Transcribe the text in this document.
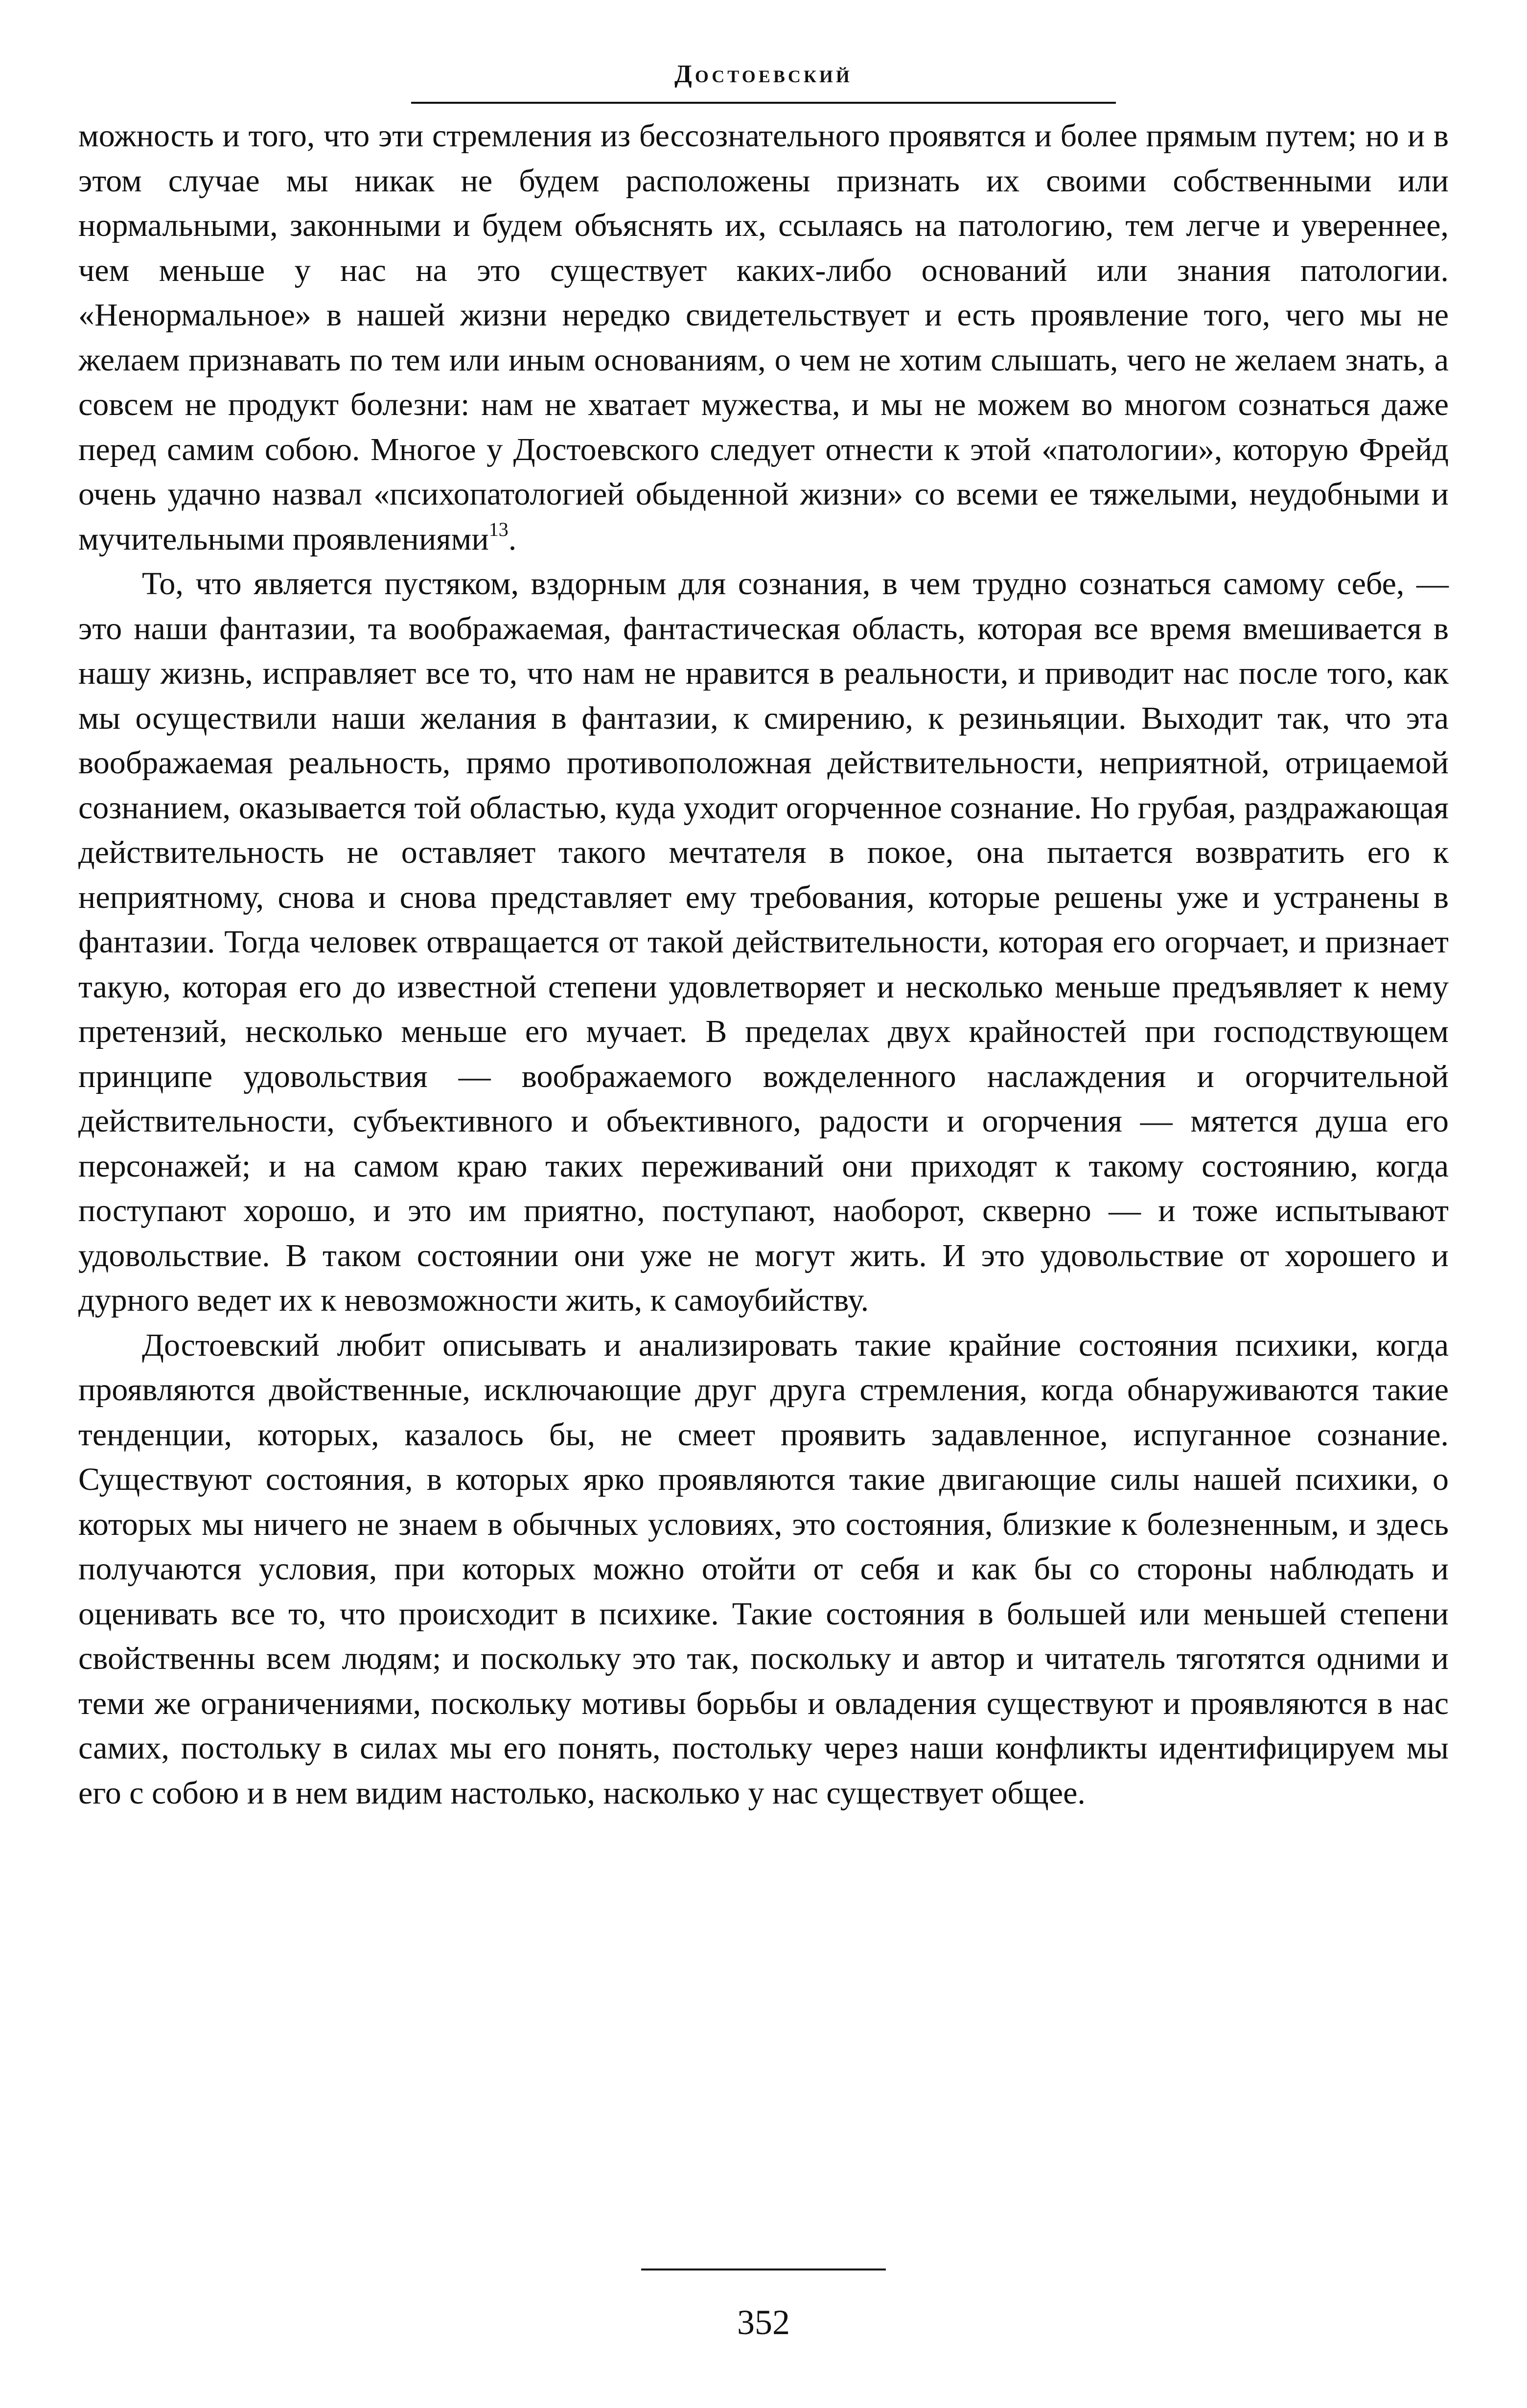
Достоевский

можность и того, что эти стремления из бессознательного проявятся и более прямым путем; но и в этом случае мы никак не будем расположены признать их своими собственными или нормальными, законными и будем объяснять их, ссылаясь на патологию, тем легче и увереннее, чем меньше у нас на это существует каких-либо оснований или знания патологии. «Ненормальное» в нашей жизни нередко свидетельствует и есть проявление того, чего мы не желаем признавать по тем или иным основаниям, о чем не хотим слышать, чего не желаем знать, а совсем не продукт болезни: нам не хватает мужества, и мы не можем во многом сознаться даже перед самим собою. Многое у Достоевского следует отнести к этой «патологии», которую Фрейд очень удачно назвал «психопатологией обыденной жизни» со всеми ее тяжелыми, неудобными и мучительными проявлениями$^{13}$.

То, что является пустяком, вздорным для сознания, в чем трудно сознаться самому себе, — это наши фантазии, та воображаемая, фантастическая область, которая все время вмешивается в нашу жизнь, исправляет все то, что нам не нравится в реальности, и приводит нас после того, как мы осуществили наши желания в фантазии, к смирению, к резиньяции. Выходит так, что эта воображаемая реальность, прямо противоположная действительности, неприятной, отрицаемой сознанием, оказывается той областью, куда уходит огорченное сознание. Но грубая, раздражающая действительность не оставляет такого мечтателя в покое, она пытается возвратить его к неприятному, снова и снова представляет ему требования, которые решены уже и устранены в фантазии. Тогда человек отвращается от такой действительности, которая его огорчает, и признает такую, которая его до известной степени удовлетворяет и несколько меньше предъявляет к нему претензий, несколько меньше его мучает. В пределах двух крайностей при господствующем принципе удовольствия — воображаемого вожделенного наслаждения и огорчительной действительности, субъективного и объективного, радости и огорчения — мятется душа его персонажей; и на самом краю таких переживаний они приходят к такому состоянию, когда поступают хорошо, и это им приятно, поступают, наоборот, скверно — и тоже испытывают удовольствие. В таком состоянии они уже не могут жить. И это удовольствие от хорошего и дурного ведет их к невозможности жить, к самоубийству.

Достоевский любит описывать и анализировать такие крайние состояния психики, когда проявляются двойственные, исключающие друг друга стремления, когда обнаруживаются такие тенденции, которых, казалось бы, не смеет проявить задавленное, испуганное сознание. Существуют состояния, в которых ярко проявляются такие двигающие силы нашей психики, о которых мы ничего не знаем в обычных условиях, это состояния, близкие к болезненным, и здесь получаются условия, при которых можно отойти от себя и как бы со стороны наблюдать и оценивать все то, что происходит в психике. Такие состояния в большей или меньшей степени свойственны всем людям; и поскольку это так, поскольку и автор и читатель тяготятся одними и теми же ограничениями, поскольку мотивы борьбы и овладения существуют и проявляются в нас самих, постольку в силах мы его понять, постольку через наши конфликты идентифицируем мы его с собою и в нем видим настолько, насколько у нас существует общее.

352
